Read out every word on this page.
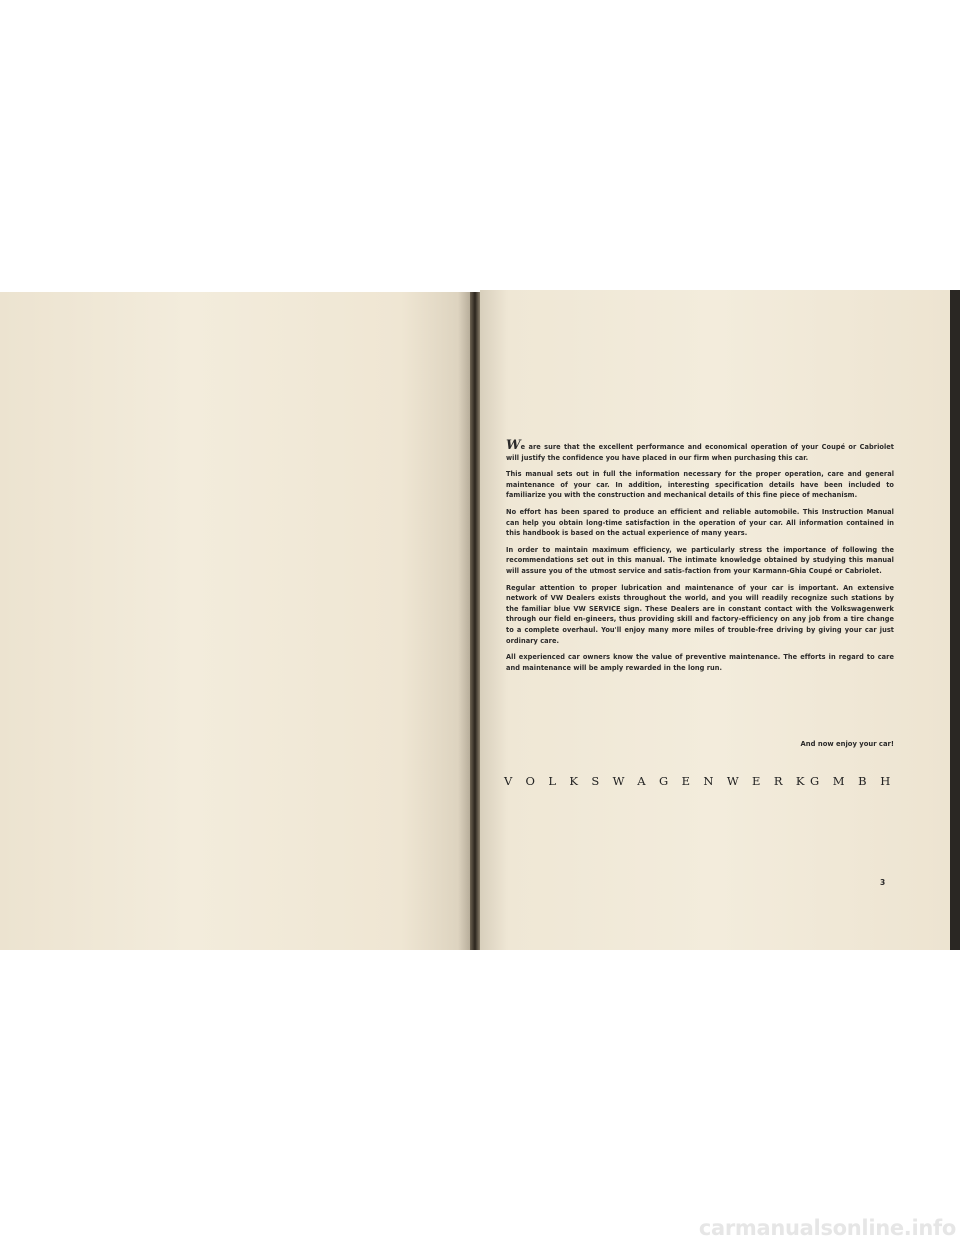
We are sure that the excellent performance and economical operation of your Coupé or Cabriolet will justify the confidence you have placed in our firm when purchasing this car.

This manual sets out in full the information necessary for the proper operation, care and general maintenance of your car. In addition, interesting specification details have been included to familiarize you with the construction and mechanical details of this fine piece of mechanism.

No effort has been spared to produce an efficient and reliable automobile. This Instruction Manual can help you obtain long-time satisfaction in the operation of your car. All information contained in this handbook is based on the actual experience of many years.

In order to maintain maximum efficiency, we particularly stress the importance of following the recommendations set out in this manual. The intimate knowledge obtained by studying this manual will assure you of the utmost service and satis-faction from your Karmann-Ghia Coupé or Cabriolet.

Regular attention to proper lubrication and maintenance of your car is important. An extensive network of VW Dealers exists throughout the world, and you will readily recognize such stations by the familiar blue VW SERVICE sign. These Dealers are in constant contact with the Volkswagenwerk through our field en-gineers, thus providing skill and factory-efficiency on any job from a tire change to a complete overhaul. You'll enjoy many more miles of trouble-free driving by giving your car just ordinary care.

All experienced car owners know the value of preventive maintenance. The efforts in regard to care and maintenance will be amply rewarded in the long run.

And now enjoy your car!
VOLKSWAGENWERK
GMBH
3
carmanualsonline.info
